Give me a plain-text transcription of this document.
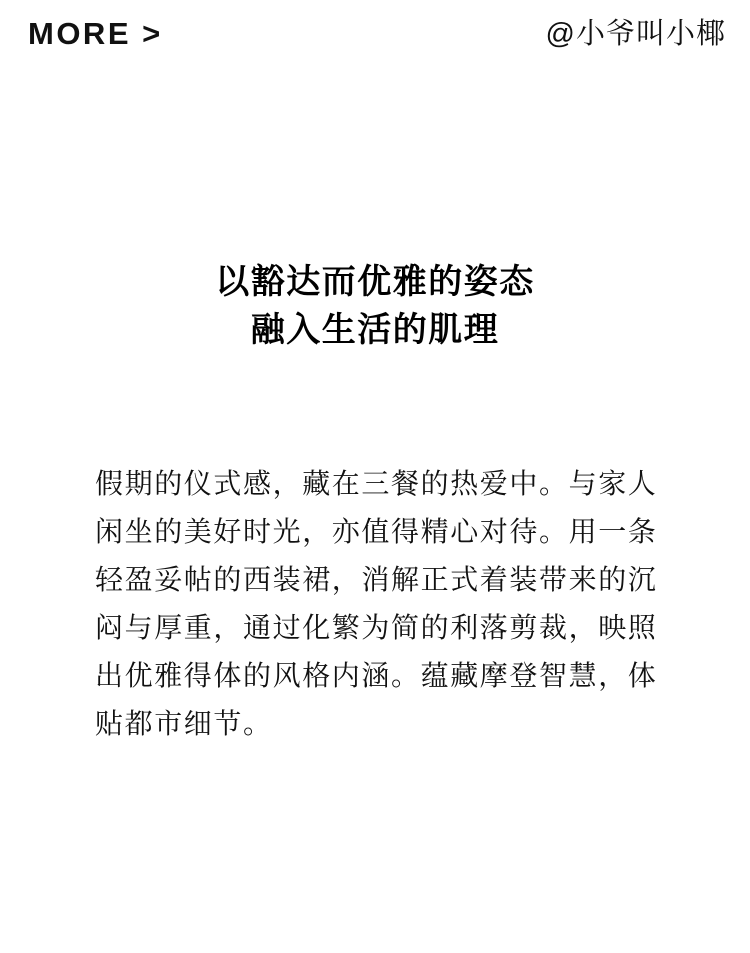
MORE >	@小爷叫小椰
以豁达而优雅的姿态
融入生活的肌理
假期的仪式感，藏在三餐的热爱中。与家人
闲坐的美好时光，亦值得精心对待。用一条
轻盈妥帖的西装裙，消解正式着装带来的沉
闷与厚重，通过化繁为简的利落剪裁，映照
出优雅得体的风格内涵。蕴藏摩登智慧，体
贴都市细节。
